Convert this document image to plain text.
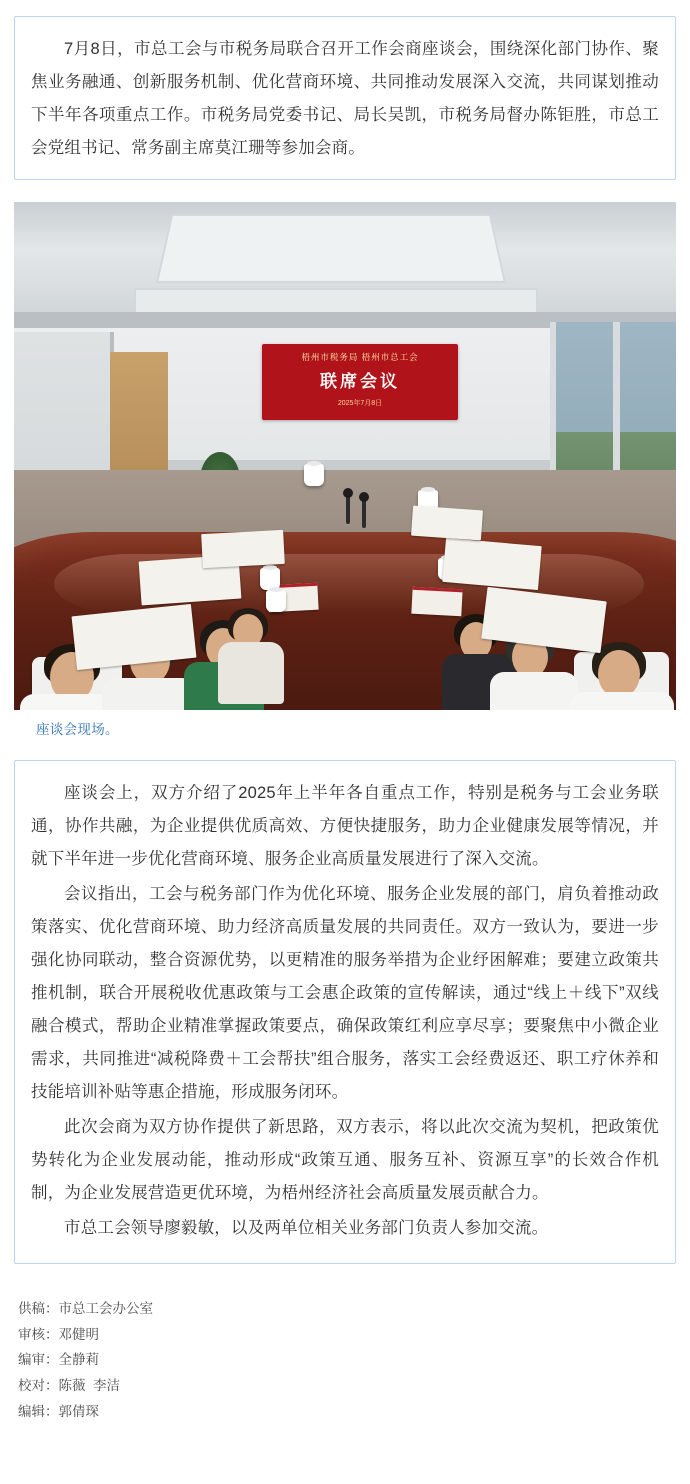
7月8日，市总工会与市税务局联合召开工作会商座谈会，围绕深化部门协作、聚焦业务融通、创新服务机制、优化营商环境、共同推动发展深入交流，共同谋划推动下半年各项重点工作。市税务局党委书记、局长吴凯，市税务局督办陈钜胜，市总工会党组书记、常务副主席莫江珊等参加会商。

梧州市税务局 梧州市总工会
联席会议
2025年7月8日
座谈会现场。

座谈会上，双方介绍了2025年上半年各自重点工作，特别是税务与工会业务联通，协作共融，为企业提供优质高效、方便快捷服务，助力企业健康发展等情况，并就下半年进一步优化营商环境、服务企业高质量发展进行了深入交流。

会议指出，工会与税务部门作为优化环境、服务企业发展的部门，肩负着推动政策落实、优化营商环境、助力经济高质量发展的共同责任。双方一致认为，要进一步强化协同联动，整合资源优势，以更精准的服务举措为企业纾困解难；要建立政策共推机制，联合开展税收优惠政策与工会惠企政策的宣传解读，通过“线上＋线下”双线融合模式，帮助企业精准掌握政策要点，确保政策红利应享尽享；要聚焦中小微企业需求，共同推进“减税降费＋工会帮扶”组合服务，落实工会经费返还、职工疗休养和技能培训补贴等惠企措施，形成服务闭环。

此次会商为双方协作提供了新思路，双方表示，将以此次交流为契机，把政策优势转化为企业发展动能，推动形成“政策互通、服务互补、资源互享”的长效合作机制，为企业发展营造更优环境，为梧州经济社会高质量发展贡献合力。

市总工会领导廖毅敏，以及两单位相关业务部门负责人参加交流。

供稿：市总工会办公室
审核：邓健明
编审：全静莉
校对：陈薇  李洁
编辑：郭倩琛
